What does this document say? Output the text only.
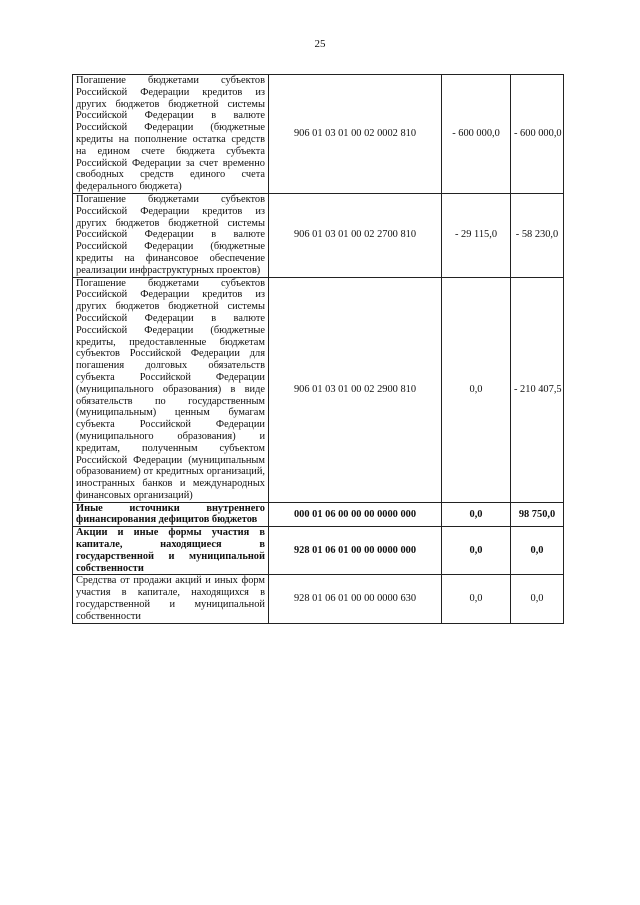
25
Погашение бюджетами субъектов Российской Федерации кредитов из других бюджетов бюджетной системы Российской Федерации в валюте Российской Федерации (бюджетные кредиты на пополнение остатка средств на едином счете бюджета субъекта Российской Федерации за счет временно свободных средств единого счета федерального бюджета)	906 01 03 01 00 02 0002 810	- 600 000,0	- 600 000,0
Погашение бюджетами субъектов Российской Федерации кредитов из других бюджетов бюджетной системы Российской Федерации в валюте Российской Федерации (бюджетные кредиты на финансовое обеспечение реализации инфраструктурных проектов)	906 01 03 01 00 02 2700 810	- 29 115,0	- 58 230,0
Погашение бюджетами субъектов Российской Федерации кредитов из других бюджетов бюджетной системы Российской Федерации в валюте Российской Федерации (бюджетные кредиты, предоставленные бюджетам субъектов Российской Федерации для погашения долговых обязательств субъекта Российской Федерации (муниципального образования) в виде обязательств по государственным (муниципальным) ценным бумагам субъекта Российской Федерации (муниципального образования) и кредитам, полученным субъектом Российской Федерации (муниципальным образованием) от кредитных организаций, иностранных банков и международных финансовых организаций)	906 01 03 01 00 02 2900 810	0,0	- 210 407,5
Иные источники внутреннего финансирования дефицитов бюджетов	000 01 06 00 00 00 0000 000	0,0	98 750,0
Акции и иные формы участия в капитале, находящиеся в государственной и муниципальной собственности	928 01 06 01 00 00 0000 000	0,0	0,0
Средства от продажи акций и иных форм участия в капитале, находящихся в государственной и муниципальной собственности	928 01 06 01 00 00 0000 630	0,0	0,0
